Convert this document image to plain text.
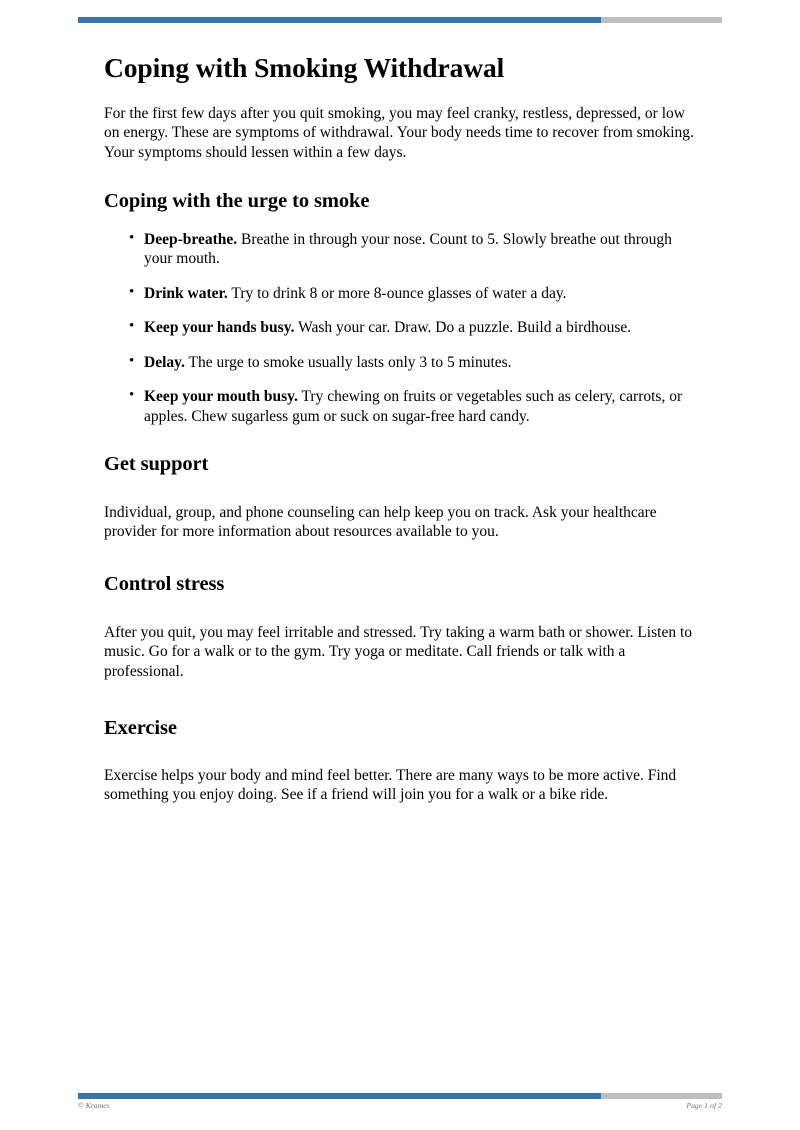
Coping with Smoking Withdrawal

For the first few days after you quit smoking, you may feel cranky, restless, depressed, or low on energy. These are symptoms of withdrawal. Your body needs time to recover from smoking. Your symptoms should lessen within a few days.

Coping with the urge to smoke
• Deep-breathe. Breathe in through your nose. Count to 5. Slowly breathe out through your mouth.
• Drink water. Try to drink 8 or more 8-ounce glasses of water a day.
• Keep your hands busy. Wash your car. Draw. Do a puzzle. Build a birdhouse.
• Delay. The urge to smoke usually lasts only 3 to 5 minutes.
• Keep your mouth busy. Try chewing on fruits or vegetables such as celery, carrots, or apples. Chew sugarless gum or suck on sugar-free hard candy.
Get support

Individual, group, and phone counseling can help keep you on track. Ask your healthcare provider for more information about resources available to you.

Control stress

After you quit, you may feel irritable and stressed. Try taking a warm bath or shower. Listen to music. Go for a walk or to the gym. Try yoga or meditate. Call friends or talk with a professional.

Exercise

Exercise helps your body and mind feel better. There are many ways to be more active. Find something you enjoy doing. See if a friend will join you for a walk or a bike ride.

© Krames	Page 1 of 2
